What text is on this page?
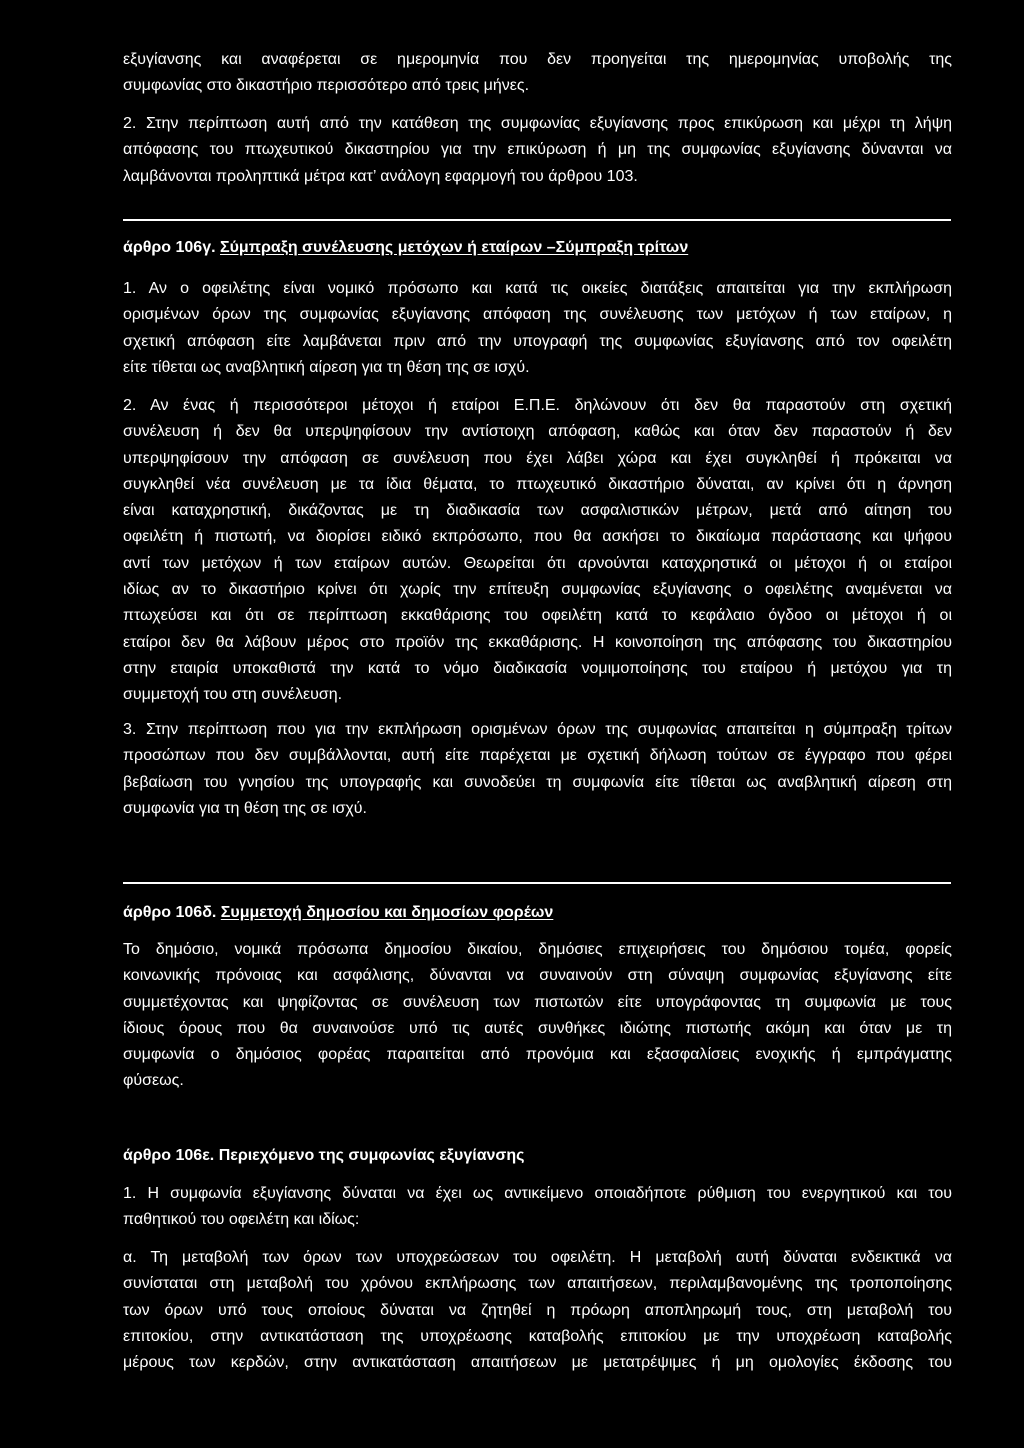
εξυγίανσης και αναφέρεται σε ημερομηνία που δεν προηγείται της ημερομηνίας υποβολής της
συμφωνίας στο δικαστήριο περισσότερο από τρεις μήνες.
2. Στην περίπτωση αυτή από την κατάθεση της συμφωνίας εξυγίανσης προς επικύρωση και μέχρι τη λήψη
απόφασης του πτωχευτικού δικαστηρίου για την επικύρωση ή μη της συμφωνίας εξυγίανσης δύνανται να
λαμβάνονται προληπτικά μέτρα κατ’ ανάλογη εφαρμογή του άρθρου 103.
άρθρο 106γ. Σύμπραξη συνέλευσης μετόχων ή εταίρων –Σύμπραξη τρίτων
1. Αν ο οφειλέτης είναι νομικό πρόσωπο και κατά τις οικείες διατάξεις απαιτείται για την εκπλήρωση
ορισμένων όρων της συμφωνίας εξυγίανσης απόφαση της συνέλευσης των μετόχων ή των εταίρων, η
σχετική απόφαση είτε λαμβάνεται πριν από την υπογραφή της συμφωνίας εξυγίανσης από τον οφειλέτη
είτε τίθεται ως αναβλητική αίρεση για τη θέση της σε ισχύ.
2. Αν ένας ή περισσότεροι μέτοχοι ή εταίροι Ε.Π.Ε. δηλώνουν ότι δεν θα παραστούν στη σχετική
συνέλευση ή δεν θα υπερψηφίσουν την αντίστοιχη απόφαση, καθώς και όταν δεν παραστούν ή δεν
υπερψηφίσουν την απόφαση σε συνέλευση που έχει λάβει χώρα και έχει συγκληθεί ή πρόκειται να
συγκληθεί νέα συνέλευση με τα ίδια θέματα, το πτωχευτικό δικαστήριο δύναται, αν κρίνει ότι η άρνηση
είναι καταχρηστική, δικάζοντας με τη διαδικασία των ασφαλιστικών μέτρων, μετά από αίτηση του
οφειλέτη ή πιστωτή, να διορίσει ειδικό εκπρόσωπο, που θα ασκήσει το δικαίωμα παράστασης και ψήφου
αντί των μετόχων ή των εταίρων αυτών. Θεωρείται ότι αρνούνται καταχρηστικά οι μέτοχοι ή οι εταίροι
ιδίως αν το δικαστήριο κρίνει ότι χωρίς την επίτευξη συμφωνίας εξυγίανσης ο οφειλέτης αναμένεται να
πτωχεύσει και ότι σε περίπτωση εκκαθάρισης του οφειλέτη κατά το κεφάλαιο όγδοο οι μέτοχοι ή οι
εταίροι δεν θα λάβουν μέρος στο προϊόν της εκκαθάρισης. Η κοινοποίηση της απόφασης του δικαστηρίου
στην εταιρία υποκαθιστά την κατά το νόμο διαδικασία νομιμοποίησης του εταίρου ή μετόχου για τη
συμμετοχή του στη συνέλευση.
3. Στην περίπτωση που για την εκπλήρωση ορισμένων όρων της συμφωνίας απαιτείται η σύμπραξη τρίτων
προσώπων που δεν συμβάλλονται, αυτή είτε παρέχεται με σχετική δήλωση τούτων σε έγγραφο που φέρει
βεβαίωση του γνησίου της υπογραφής και συνοδεύει τη συμφωνία είτε τίθεται ως αναβλητική αίρεση στη
συμφωνία για τη θέση της σε ισχύ.
άρθρο 106δ. Συμμετοχή δημοσίου και δημοσίων φορέων
Το δημόσιο, νομικά πρόσωπα δημοσίου δικαίου, δημόσιες επιχειρήσεις του δημόσιου τομέα, φορείς
κοινωνικής πρόνοιας και ασφάλισης, δύνανται να συναινούν στη σύναψη συμφωνίας εξυγίανσης είτε
συμμετέχοντας και ψηφίζοντας σε συνέλευση των πιστωτών είτε υπογράφοντας τη συμφωνία με τους
ίδιους όρους που θα συναινούσε υπό τις αυτές συνθήκες ιδιώτης πιστωτής ακόμη και όταν με τη
συμφωνία ο δημόσιος φορέας παραιτείται από προνόμια και εξασφαλίσεις ενοχικής ή εμπράγματης
φύσεως.
άρθρο 106ε. Περιεχόμενο της συμφωνίας εξυγίανσης
1. Η συμφωνία εξυγίανσης δύναται να έχει ως αντικείμενο οποιαδήποτε ρύθμιση του ενεργητικού και του
παθητικού του οφειλέτη και ιδίως:
α. Τη μεταβολή των όρων των υποχρεώσεων του οφειλέτη. Η μεταβολή αυτή δύναται ενδεικτικά να
συνίσταται στη μεταβολή του χρόνου εκπλήρωσης των απαιτήσεων, περιλαμβανομένης της τροποποίησης
των όρων υπό τους οποίους δύναται να ζητηθεί η πρόωρη αποπληρωμή τους, στη μεταβολή του
επιτοκίου, στην αντικατάσταση της υποχρέωσης καταβολής επιτοκίου με την υποχρέωση καταβολής
μέρους των κερδών, στην αντικατάσταση απαιτήσεων με μετατρέψιμες ή μη ομολογίες έκδοσης του
